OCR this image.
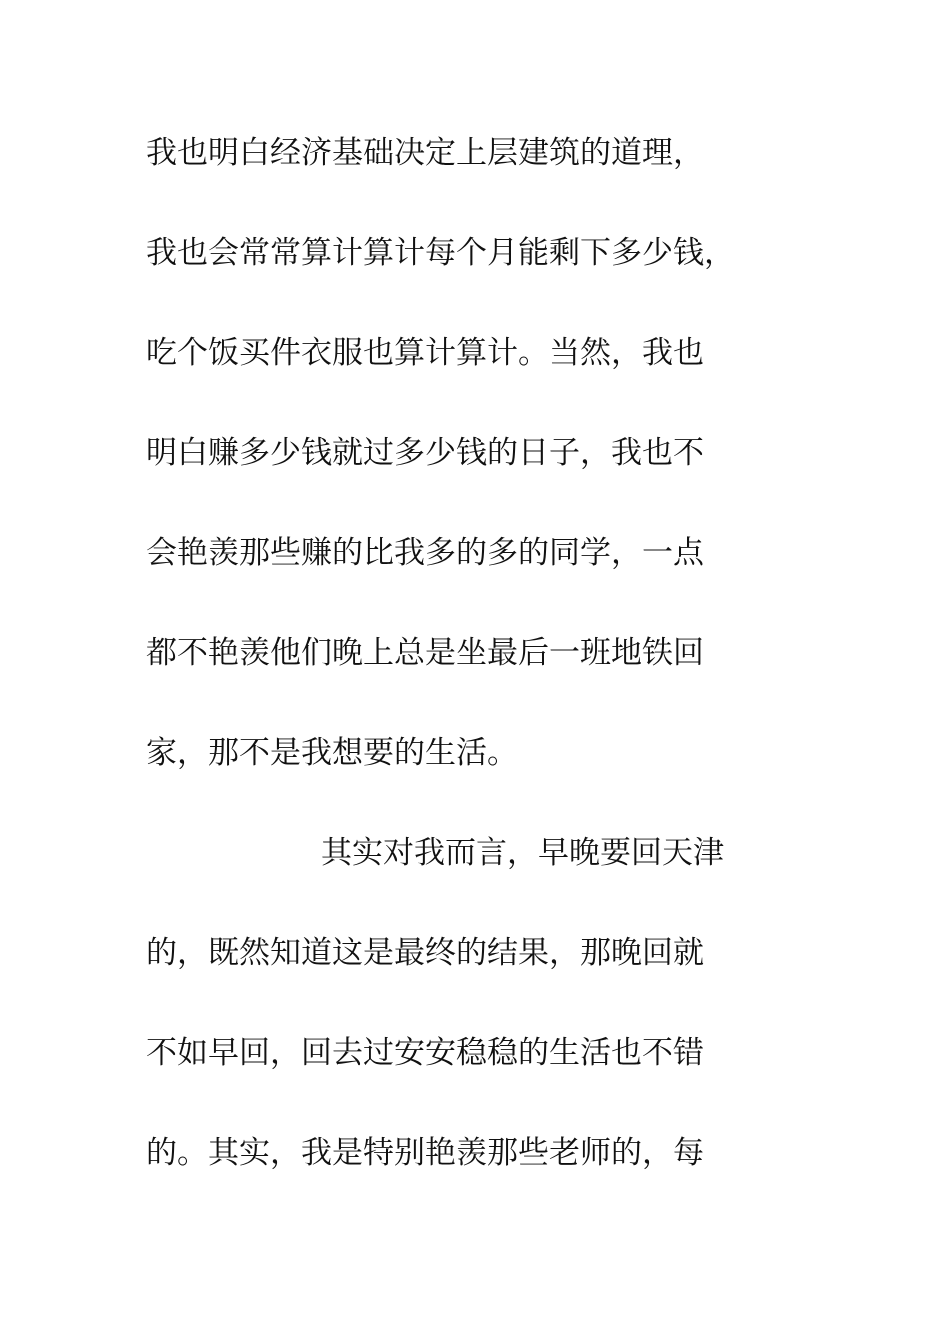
我也明白经济基础决定上层建筑的道理，
我也会常常算计算计每个月能剩下多少钱，
吃个饭买件衣服也算计算计。当然，我也
明白赚多少钱就过多少钱的日子，我也不
会艳羡那些赚的比我多的多的同学，一点
都不艳羡他们晚上总是坐最后一班地铁回
家，那不是我想要的生活。
其实对我而言，早晚要回天津
的，既然知道这是最终的结果，那晚回就
不如早回，回去过安安稳稳的生活也不错
的。其实，我是特别艳羡那些老师的，每
